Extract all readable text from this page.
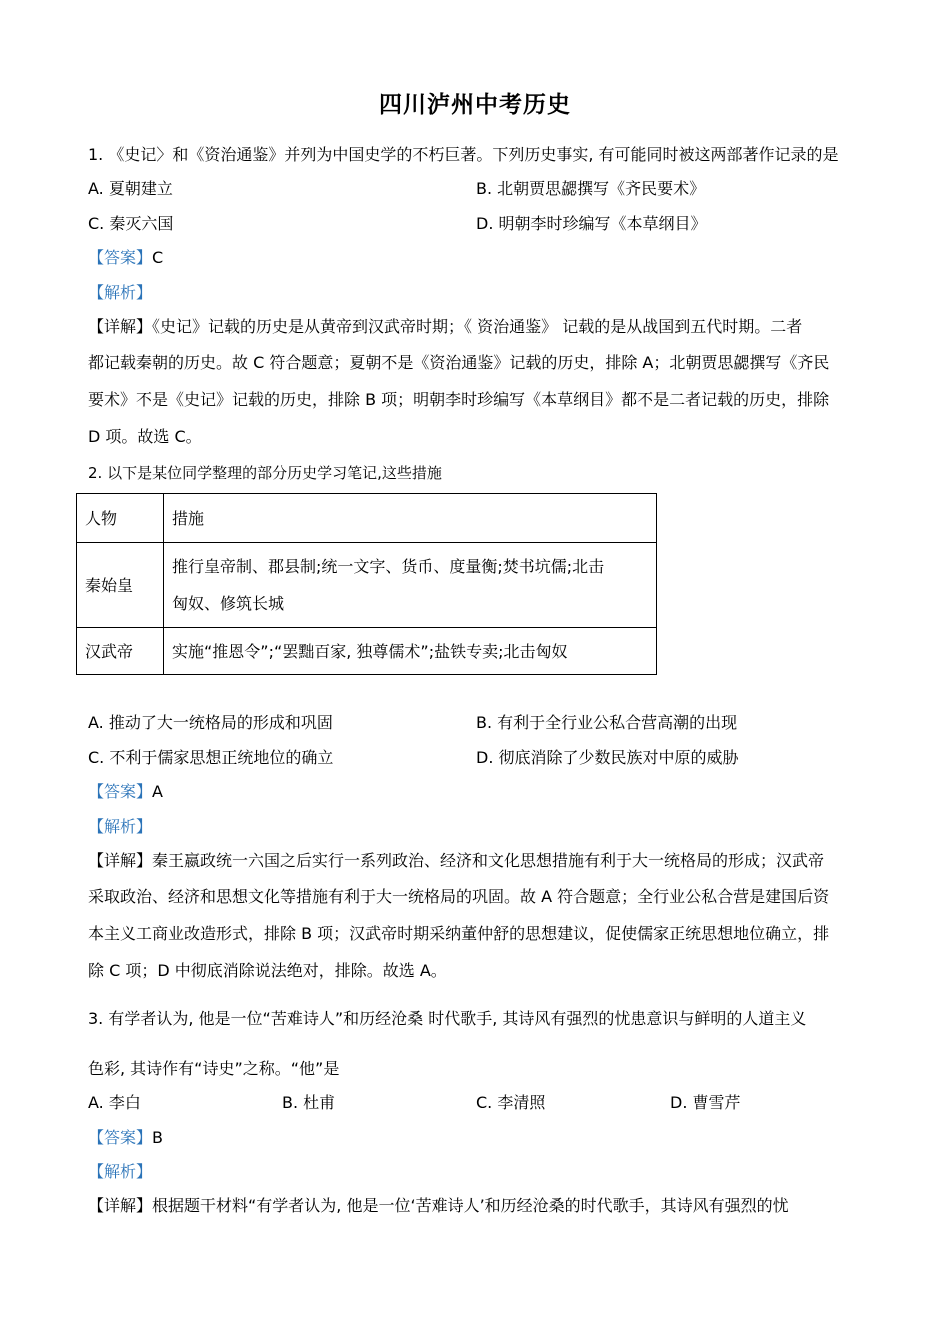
四川泸州中考历史
1. 《史记〉和《资治通鉴》并列为中国史学的不朽巨著。下列历史事实, 有可能同时被这两部著作记录的是
A. 夏朝建立	B. 北朝贾思勰撰写《齐民要术》
C. 秦灭六国	D. 明朝李时珍编写《本草纲目》
【答案】C
【解析】
【详解】《史记》记载的历史是从黄帝到汉武帝时期；《 资治通鉴》 记载的是从战国到五代时期。二者
都记载秦朝的历史。故 C 符合题意；夏朝不是《资治通鉴》记载的历史，排除 A；北朝贾思勰撰写《齐民
要术》不是《史记》记载的历史，排除 B 项；明朝李时珍编写《本草纲目》都不是二者记载的历史，排除
D 项。故选 C。
2. 以下是某位同学整理的部分历史学习笔记,这些措施
人物	措施
秦始皇	推行皇帝制、郡县制;统一文字、货币、度量衡;焚书坑儒;北击
匈奴、修筑长城

汉武帝	实施“推恩令”;“罢黜百家, 独尊儒术”;盐铁专卖;北击匈奴
A. 推动了大一统格局的形成和巩固	B. 有利于全行业公私合营高潮的出现
C. 不利于儒家思想正统地位的确立	D. 彻底消除了少数民族对中原的威胁
【答案】A
【解析】
【详解】秦王嬴政统一六国之后实行一系列政治、经济和文化思想措施有利于大一统格局的形成；汉武帝
采取政治、经济和思想文化等措施有利于大一统格局的巩固。故 A 符合题意；全行业公私合营是建国后资
本主义工商业改造形式，排除 B 项；汉武帝时期采纳董仲舒的思想建议，促使儒家正统思想地位确立，排
除 C 项；D 中彻底消除说法绝对，排除。故选 A。
3. 有学者认为, 他是一位“苦难诗人”和历经沧桑 时代歌手, 其诗风有强烈的忧患意识与鲜明的人道主义
色彩, 其诗作有“诗史”之称。“他”是
A. 李白	B. 杜甫	C. 李清照	D. 曹雪芹
【答案】B
【解析】
【详解】根据题干材料“有学者认为, 他是一位‘苦难诗人’和历经沧桑的时代歌手，其诗风有强烈的忧
